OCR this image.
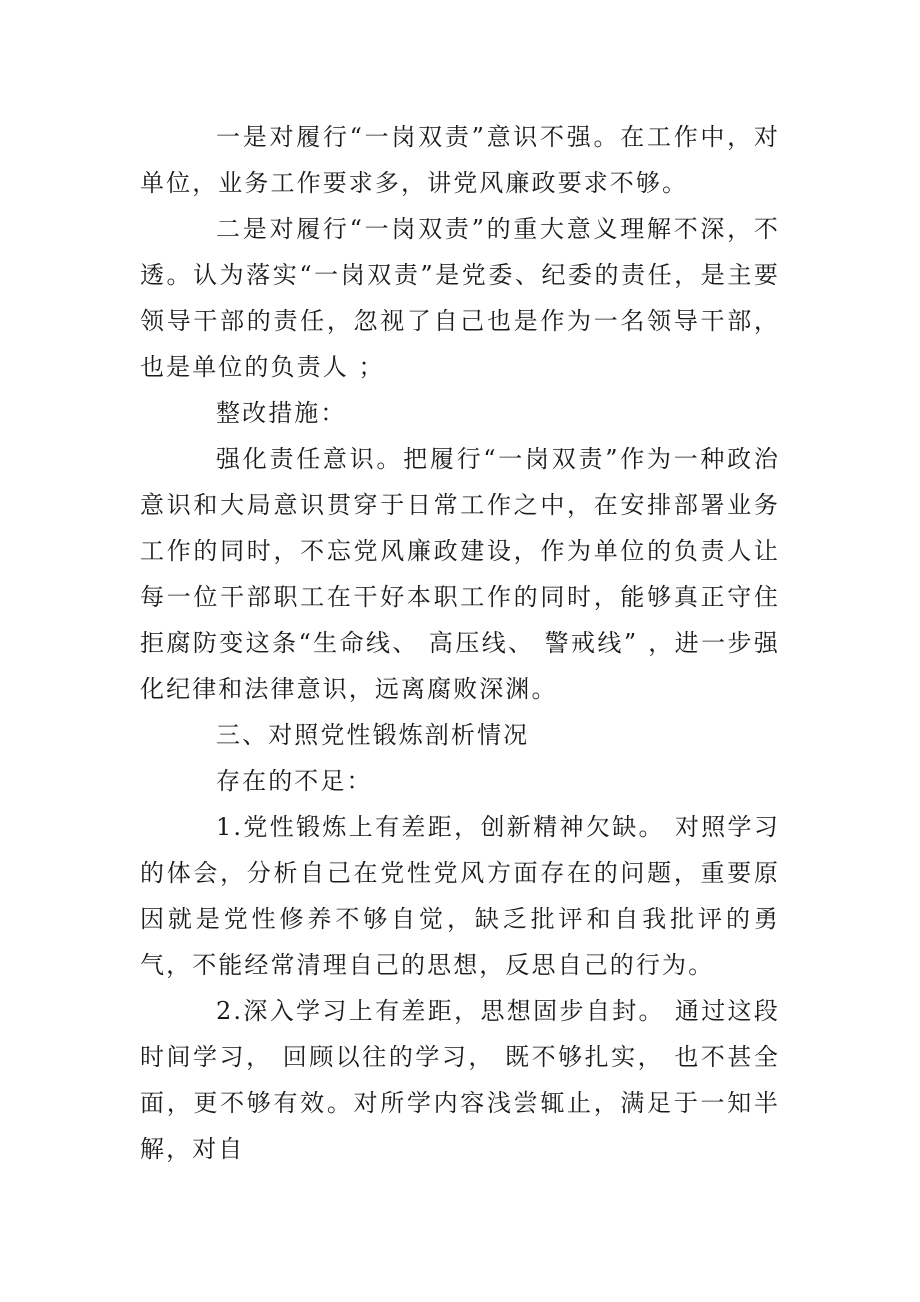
一是对履行“一岗双责”意识不强。在工作中，对单位，业务工作要求多，讲党风廉政要求不够。

二是对履行“一岗双责”的重大意义理解不深，不透。认为落实“一岗双责”是党委、纪委的责任，是主要领导干部的责任，忽视了自己也是作为一名领导干部，也是单位的负责人 ；

整改措施：

强化责任意识。把履行“一岗双责”作为一种政治意识和大局意识贯穿于日常工作之中，在安排部署业务工作的同时，不忘党风廉政建设，作为单位的负责人让每一位干部职工在干好本职工作的同时，能够真正守住拒腐防变这条“生命线、 高压线、 警戒线” ，进一步强化纪律和法律意识，远离腐败深渊。

三、对照党性锻炼剖析情况

存在的不足：

1.党性锻炼上有差距，创新精神欠缺。 对照学习的体会，分析自己在党性党风方面存在的问题，重要原因就是党性修养不够自觉，缺乏批评和自我批评的勇气，不能经常清理自己的思想，反思自己的行为。

2.深入学习上有差距，思想固步自封。 通过这段时间学习， 回顾以往的学习， 既不够扎实， 也不甚全面，更不够有效。对所学内容浅尝辄止，满足于一知半解，对自
